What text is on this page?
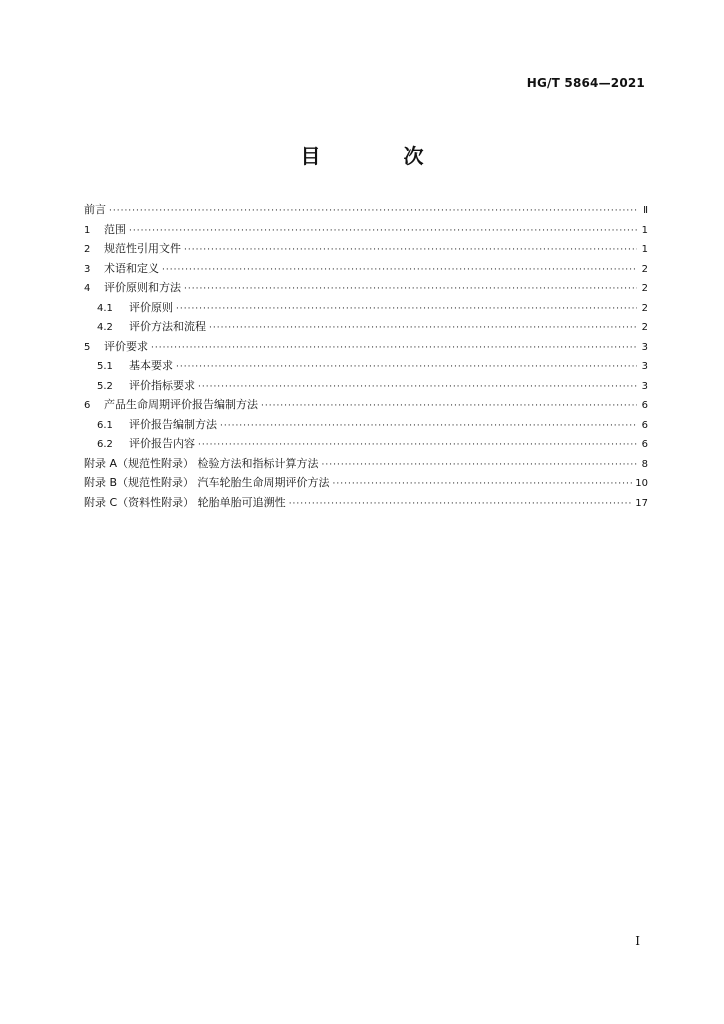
HG/T 5864—2021
目 次
前言 ·····	Ⅱ
1	范围 ·····	1
2	规范性引用文件 ·····	1
3	术语和定义 ·····	2
4	评价原则和方法 ·····	2
4.1	评价原则 ·····	2
4.2	评价方法和流程 ·····	2
5	评价要求 ·····	3
5.1	基本要求 ·····	3
5.2	评价指标要求 ·····	3
6	产品生命周期评价报告编制方法 ·····	6
6.1	评价报告编制方法 ·····	6
6.2	评价报告内容 ·····	6
附录 A（规范性附录） 检验方法和指标计算方法 ·····	8
附录 B（规范性附录） 汽车轮胎生命周期评价方法 ·····	10
附录 C（资料性附录） 轮胎单胎可追溯性 ·····	17
I
